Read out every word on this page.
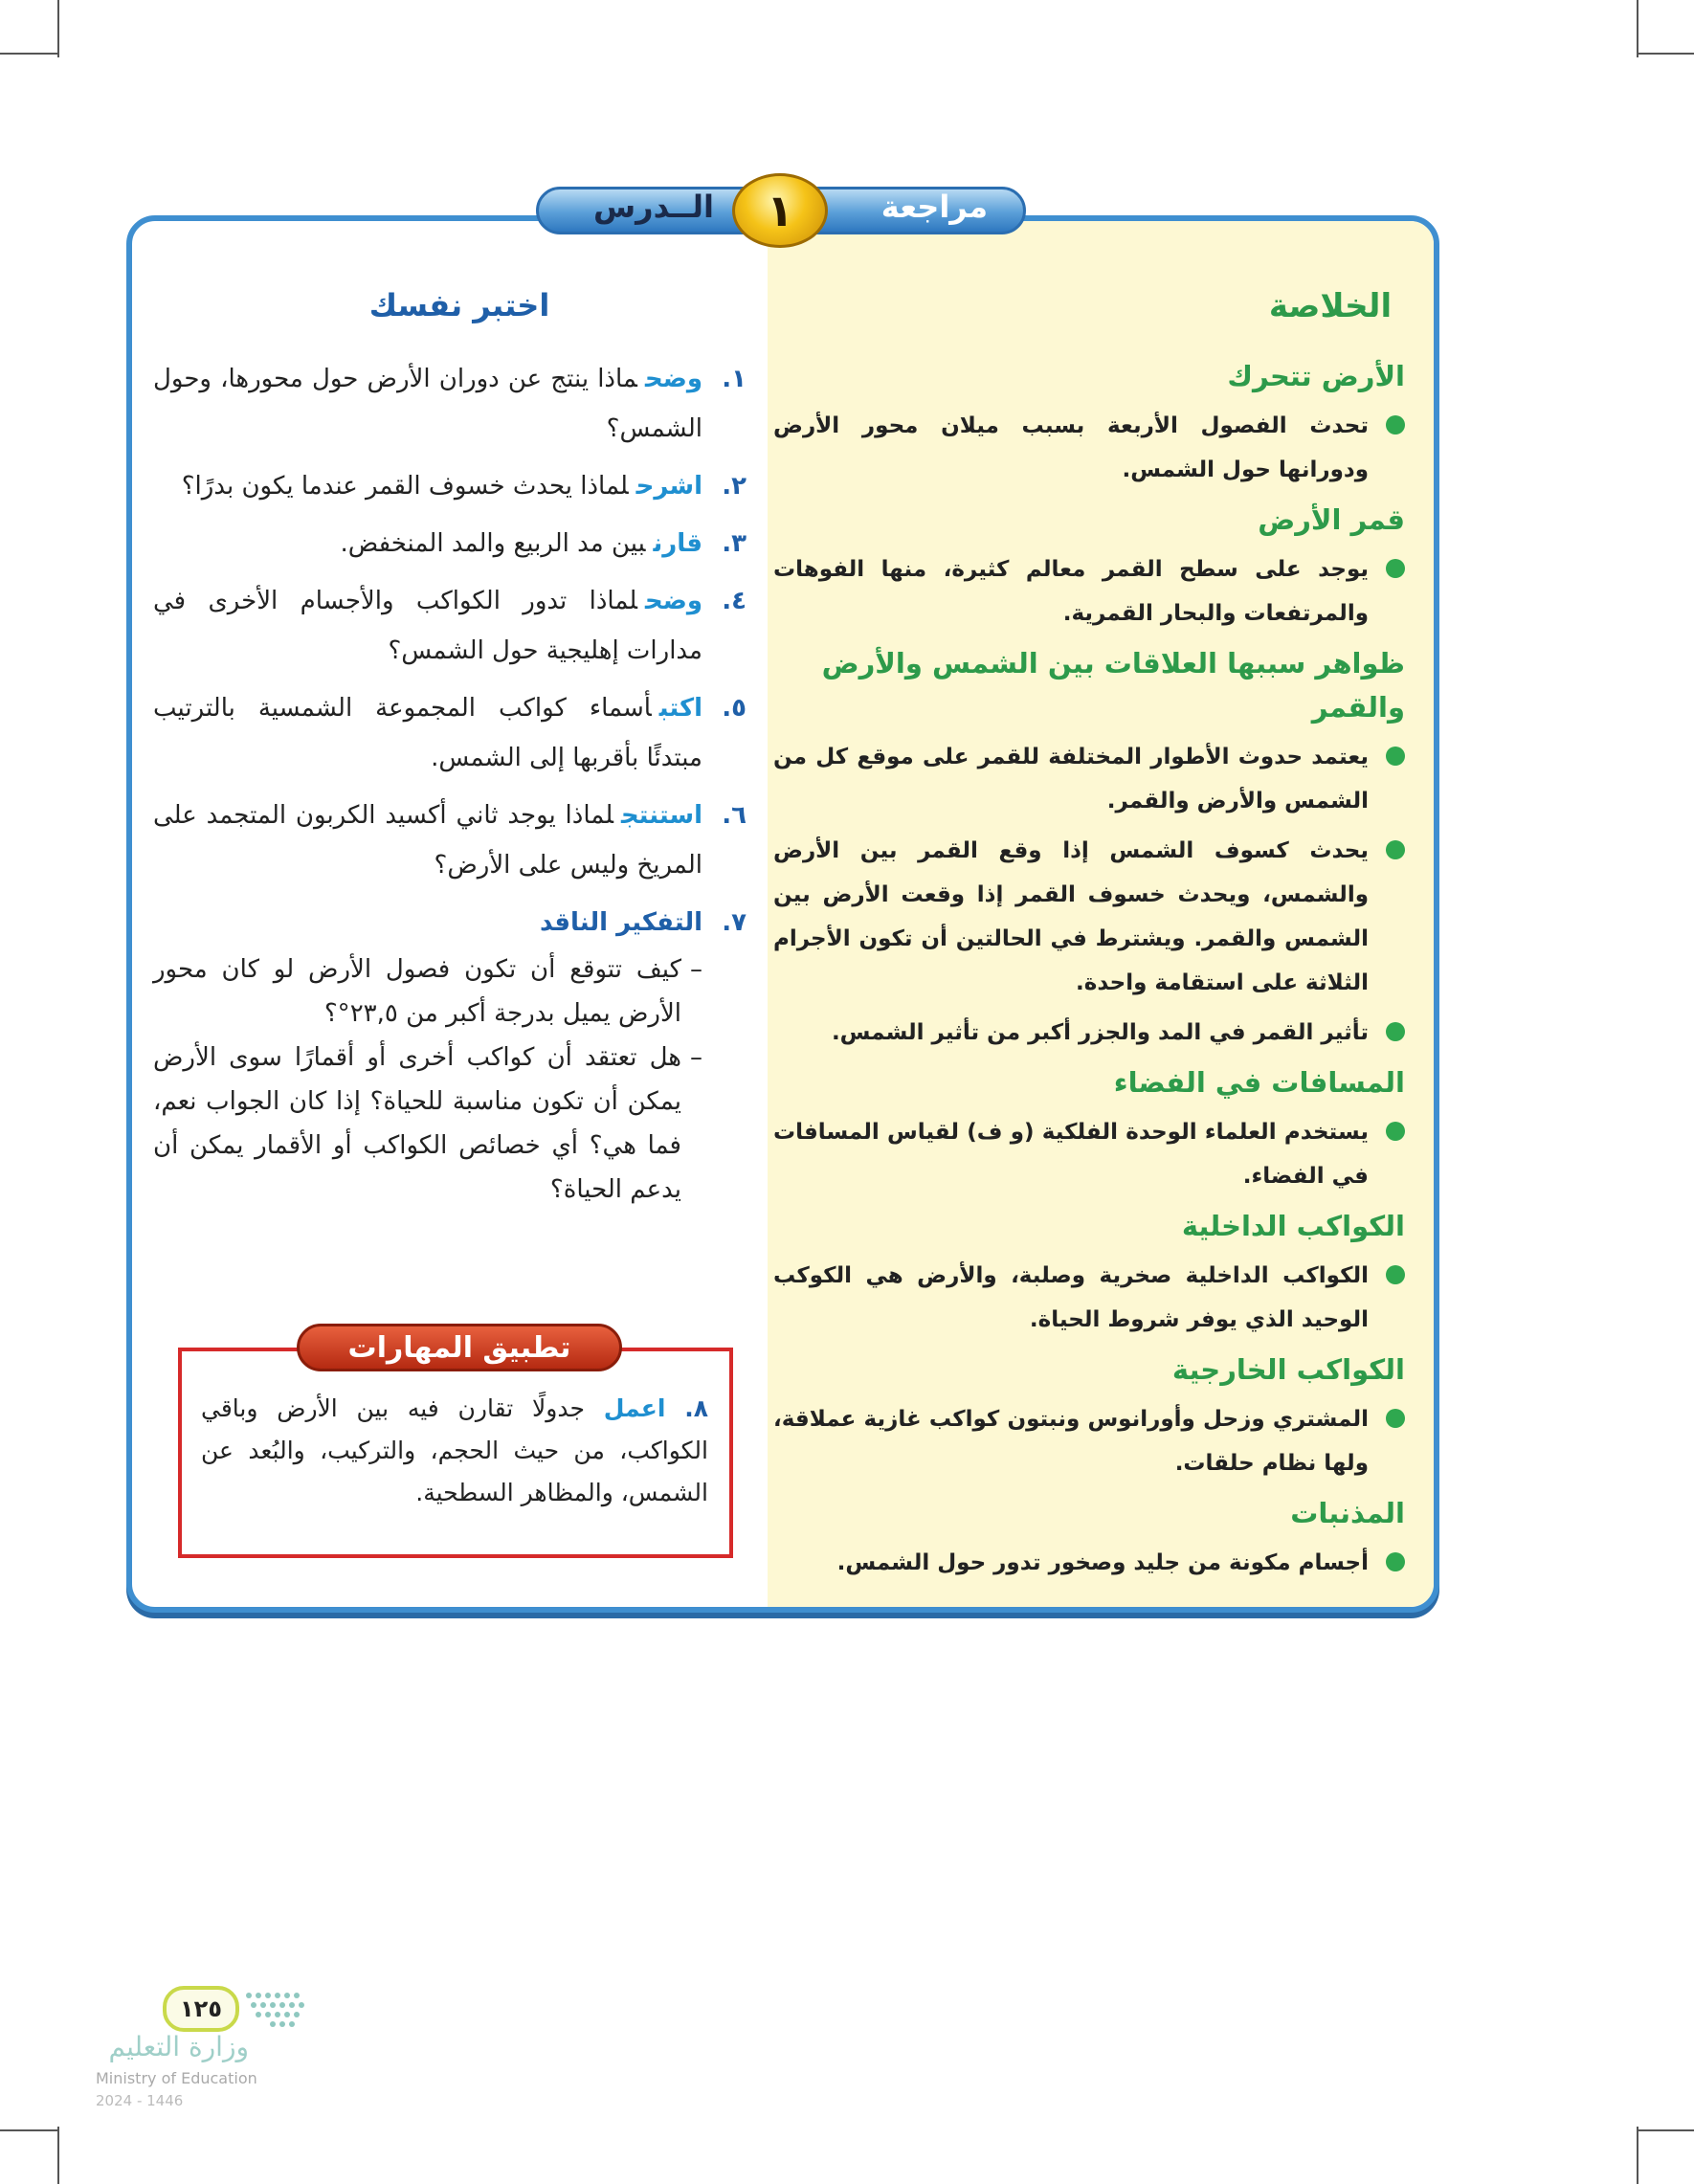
الــدرس	مراجعة
١
الخلاصة
الأرض تتحرك
تحدث الفصول الأربعة بسبب ميلان محور الأرض ودورانها حول الشمس.
قمر الأرض
يوجد على سطح القمر معالم كثيرة، منها الفوهات والمرتفعات والبحار القمرية.
ظواهر سببها العلاقات بين الشمس والأرض والقمر
يعتمد حدوث الأطوار المختلفة للقمر على موقع كل من الشمس والأرض والقمر.
يحدث كسوف الشمس إذا وقع القمر بين الأرض والشمس، ويحدث خسوف القمر إذا وقعت الأرض بين الشمس والقمر. ويشترط في الحالتين أن تكون الأجرام الثلاثة على استقامة واحدة.
تأثير القمر في المد والجزر أكبر من تأثير الشمس.
المسافات في الفضاء
يستخدم العلماء الوحدة الفلكية (و ف) لقياس المسافات في الفضاء.
الكواكب الداخلية
الكواكب الداخلية صخرية وصلبة، والأرض هي الكوكب الوحيد الذي يوفر شروط الحياة.
الكواكب الخارجية
المشتري وزحل وأورانوس ونبتون كواكب غازية عملاقة، ولها نظام حلقات.
المذنبات
أجسام مكونة من جليد وصخور تدور حول الشمس.
اختبر نفسك
١.
وضحماذا ينتج عن دوران الأرض حول محورها، وحول الشمس؟
٢.
اشرحلماذا يحدث خسوف القمر عندما يكون بدرًا؟
٣.
قارنبين مد الربيع والمد المنخفض.
٤.
وضحلماذا تدور الكواكب والأجسام الأخرى في مدارات إهليجية حول الشمس؟
٥.
اكتبأسماء كواكب المجموعة الشمسية بالترتيب مبتدئًا بأقربها إلى الشمس.
٦.
استنتجلماذا يوجد ثاني أكسيد الكربون المتجمد على المريخ وليس على الأرض؟
٧.
التفكير الناقد
–
كيف تتوقع أن تكون فصول الأرض لو كان محور الأرض يميل بدرجة أكبر من ٢٣,٥°؟
–
هل تعتقد أن كواكب أخرى أو أقمارًا سوى الأرض يمكن أن تكون مناسبة للحياة؟ إذا كان الجواب نعم، فما هي؟ أي خصائص الكواكب أو الأقمار يمكن أن يدعم الحياة؟
تطبيق المهارات
٨. اعمل جدولًا تقارن فيه بين الأرض وباقي الكواكب، من حيث الحجم، والتركيب، والبُعد عن الشمس، والمظاهر السطحية.
١٢٥
وزارة التعليم
Ministry of Education
2024 - 1446
